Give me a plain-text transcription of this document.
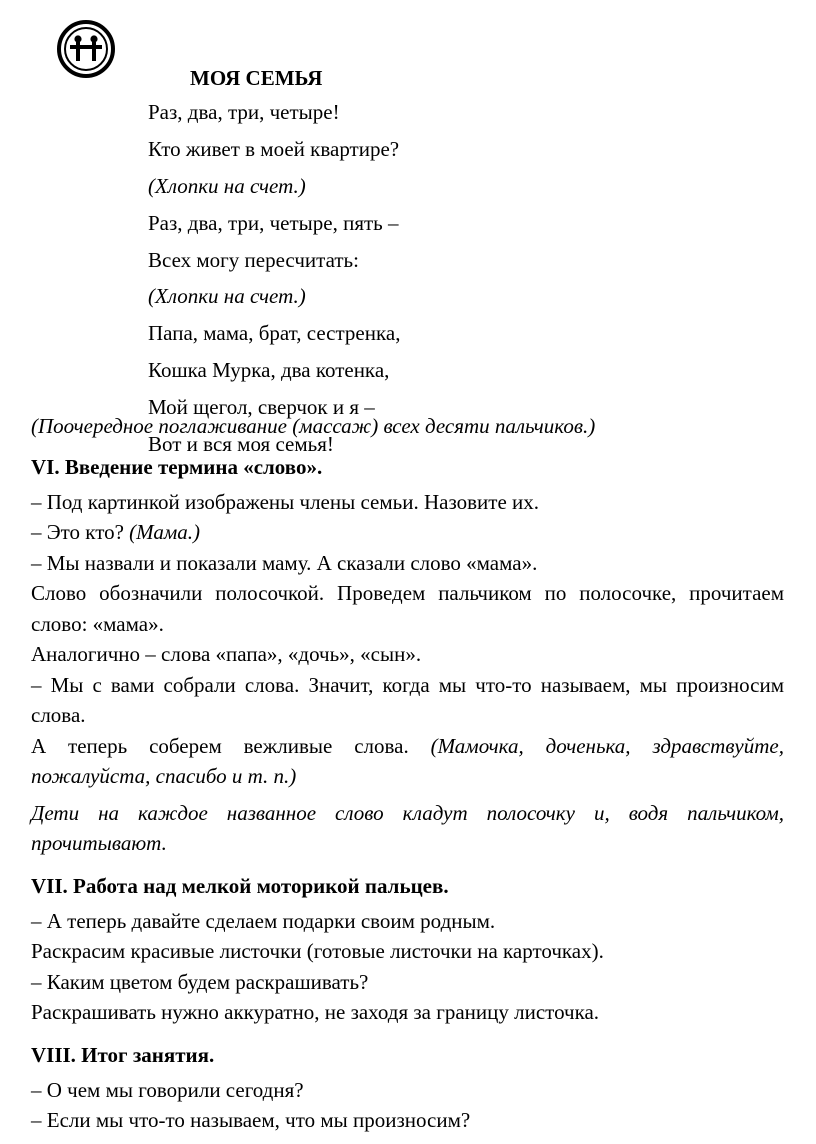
МОЯ СЕМЬЯ
Раз, два, три, четыре!
Кто живет в моей квартире?
(Хлопки на счет.)
Раз, два, три, четыре, пять –
Всех могу пересчитать:
(Хлопки на счет.)
Папа, мама, брат, сестренка,
Кошка Мурка, два котенка,
Мой щегол, сверчок и я –
Вот и вся моя семья!

(Поочередное поглаживание (массаж) всех десяти пальчиков.)

VI. Введение термина «слово».

– Под картинкой изображены члены семьи. Назовите их.

– Это кто? (Мама.)

– Мы назвали и показали маму. А сказали слово «мама».

Слово обозначили полосочкой. Проведем пальчиком по полосочке, прочитаем слово: «мама».

Аналогично – слова «папа», «дочь», «сын».

– Мы с вами собрали слова. Значит, когда мы что-то называем, мы произносим слова.

А теперь соберем вежливые слова. (Мамочка, доченька, здравствуйте, пожалуйста, спасибо и т. п.)

Дети на каждое названное слово кладут полосочку и, водя пальчиком, прочитывают.

VII. Работа над мелкой моторикой пальцев.

– А теперь давайте сделаем подарки своим родным.

Раскрасим красивые листочки (готовые листочки на карточках).

– Каким цветом будем раскрашивать?

Раскрашивать нужно аккуратно, не заходя за границу листочка.

VIII. Итог занятия.

– О чем мы говорили сегодня?

– Если мы что-то называем, что мы произносим?
